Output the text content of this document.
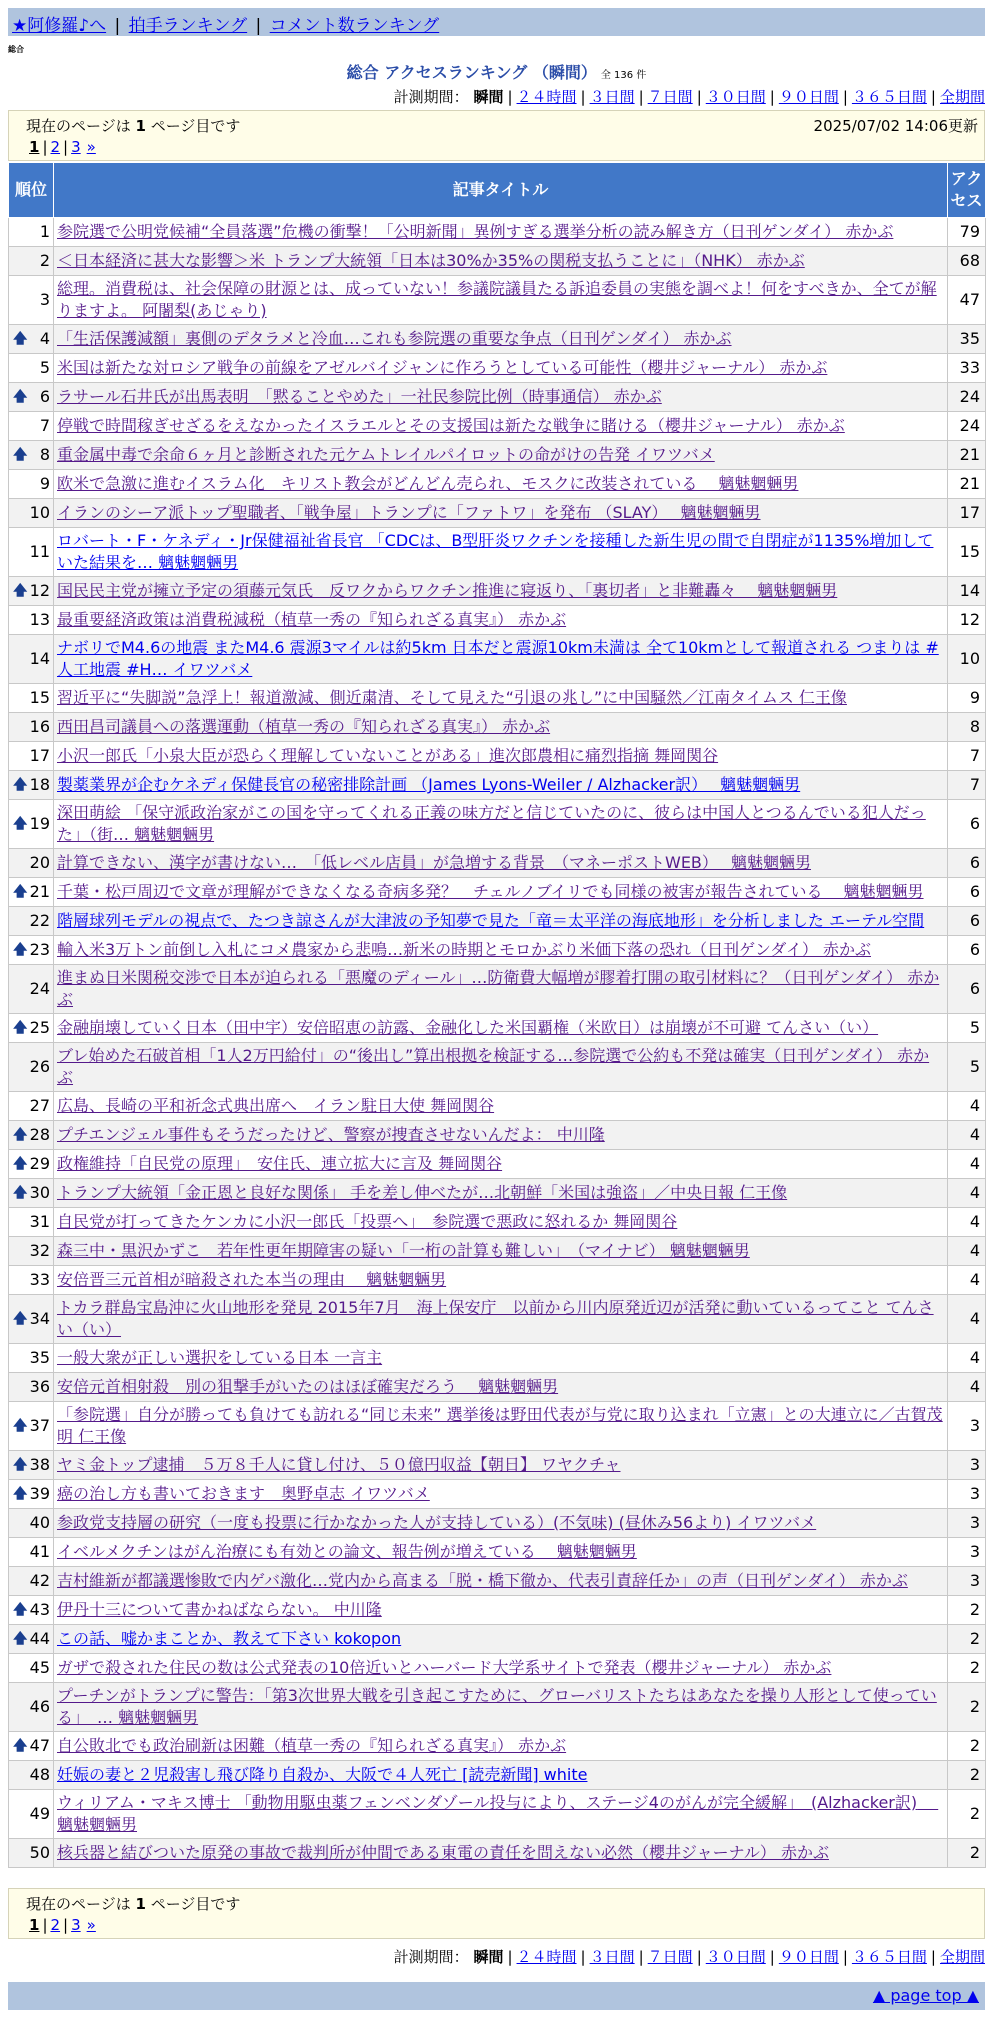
★阿修羅♪へ | 拍手ランキング | コメント数ランキング
総合
総合 アクセスランキング （瞬間） 全 136 件
計測期間： 瞬間 | ２４時間 | ３日間 | ７日間 | ３０日間 | ９０日間 | ３６５日間 | 全期間
現在のページは 1 ページ目です	2025/07/02 14:06更新
1 | 2 | 3 »
順位	記事タイトル	アクセス
1	参院選で公明党候補“全員落選”危機の衝撃！「公明新聞」異例すぎる選挙分析の読み解き方（日刊ゲンダイ） 赤かぶ	79
2	＜日本経済に甚大な影響＞米 トランプ大統領「日本は30%か35%の関税支払うことに」（NHK） 赤かぶ	68
3	総理。消費税は、社会保障の財源とは、成っていない！参議院議員たる訴追委員の実態を調べよ！何をすべきか、全てが解りますよ。 阿闍梨(あじゃり)	47

🡅 4	「生活保護減額」裏側のデタラメと冷血…これも参院選の重要な争点（日刊ゲンダイ） 赤かぶ	35
5	米国は新たな対ロシア戦争の前線をアゼルバイジャンに作ろうとしている可能性（櫻井ジャーナル） 赤かぶ	33

🡅 6	ラサール石井氏が出馬表明　「黙ることやめた」一社民参院比例（時事通信） 赤かぶ	24
7	停戦で時間稼ぎせざるをえなかったイスラエルとその支援国は新たな戦争に賭ける（櫻井ジャーナル） 赤かぶ	24

🡅 8	重金属中毒で余命６ヶ月と診断された元ケムトレイルパイロットの命がけの告発 イワツバメ	21
9	欧米で急激に進むイスラム化　キリスト教会がどんどん売られ、モスクに改装されている　 魑魅魍魎男	21
10	イランのシーア派トップ聖職者、「戦争屋」トランプに「ファトワ」を発布 （SLAY）　 魑魅魍魎男	17
11	ロバート・F・ケネディ・Jr保健福祉省長官 「CDCは、B型肝炎ワクチンを接種した新生児の間で自閉症が1135%増加していた結果を… 魑魅魍魎男	15

🡅 12	国民民主党が擁立予定の須藤元気氏　反ワクからワクチン推進に寝返り、「裏切者」と非難轟々　 魑魅魍魎男	14
13	最重要経済政策は消費税減税（植草一秀の『知られざる真実』） 赤かぶ	12
14	ナボリでM4.6の地震 またM4.6 震源3マイルは約5km 日本だと震源10km未満は 全て10kmとして報道される つまりは #人工地震 #H… イワツバメ	10
15	習近平に“失脚説”急浮上！報道激減、側近粛清、そして見えた“引退の兆し”に中国騒然／江南タイムス 仁王像	9
16	西田昌司議員への落選運動（植草一秀の『知られざる真実』） 赤かぶ	8
17	小沢一郎氏「小泉大臣が恐らく理解していないことがある」進次郎農相に痛烈指摘 舞岡関谷	7

🡅 18	製薬業界が企むケネディ保健長官の秘密排除計画 （James Lyons-Weiler / Alzhacker訳）　 魑魅魍魎男	7

🡅 19	深田萌絵 「保守派政治家がこの国を守ってくれる正義の味方だと信じていたのに、彼らは中国人とつるんでいる犯人だった」（街… 魑魅魍魎男	6
20	計算できない、漢字が書けない…　「低レベル店員」が急増する背景　（マネーポストWEB）　 魑魅魍魎男	6

🡅 21	千葉・松戸周辺で文章が理解ができなくなる奇病多発？　チェルノブイリでも同様の被害が報告されている　 魑魅魍魎男	6
22	階層球列モデルの視点で、たつき諒さんが大津波の予知夢で見た「竜＝太平洋の海底地形」を分析しました エーテル空間	6

🡅 23	輸入米3万トン前倒し入札にコメ農家から悲鳴…新米の時期とモロかぶり米価下落の恐れ（日刊ゲンダイ） 赤かぶ	6
24	進まぬ日米関税交渉で日本が迫られる「悪魔のディール」…防衛費大幅増が膠着打開の取引材料に？（日刊ゲンダイ） 赤かぶ	6

🡅 25	金融崩壊していく日本（田中宇）安倍昭恵の訪露、金融化した米国覇権（米欧日）は崩壊が不可避 てんさい（い）	5
26	ブレ始めた石破首相「1人2万円給付」の“後出し”算出根拠を検証する…参院選で公約も不発は確実（日刊ゲンダイ） 赤かぶ	5
27	広島、長崎の平和祈念式典出席へ　イラン駐日大使 舞岡関谷	4

🡅 28	プチエンジェル事件もそうだったけど、警察が捜査させないんだよ： 中川隆	4

🡅 29	政権維持「自民党の原理」　安住氏、連立拡大に言及 舞岡関谷	4

🡅 30	トランプ大統領「金正恩と良好な関係」 手を差し伸べたが…北朝鮮「米国は強盗」／中央日報 仁王像	4
31	自民党が打ってきたケンカに小沢一郎氏「投票へ」　参院選で悪政に怒れるか 舞岡関谷	4
32	森三中・黒沢かずこ　若年性更年期障害の疑い「一桁の計算も難しい」　（マイナビ） 魑魅魍魎男	4
33	安倍晋三元首相が暗殺された本当の理由　 魑魅魍魎男	4

🡅 34	トカラ群島宝島沖に火山地形を発見 2015年7月　海上保安庁　以前から川内原発近辺が活発に動いているってこと てんさい（い）	4
35	一般大衆が正しい選択をしている日本 一言主	4
36	安倍元首相射殺　別の狙撃手がいたのはほぼ確実だろう　 魑魅魍魎男	4

🡅 37	「参院選」自分が勝っても負けても訪れる“同じ未来” 選挙後は野田代表が与党に取り込まれ「立憲」との大連立に／古賀茂明 仁王像	3

🡅 38	ヤミ金トップ逮捕　５万８千人に貸し付け、５０億円収益【朝日】 ワヤクチャ	3

🡅 39	癌の治し方も書いておきます　奥野卓志 イワツバメ	3
40	参政党支持層の研究（一度も投票に行かなかった人が支持している）(不気味) (昼休み56より) イワツバメ	3
41	イベルメクチンはがん治療にも有効との論文、報告例が増えている　 魑魅魍魎男	3
42	吉村維新が都議選惨敗で内ゲバ激化…党内から高まる「脱・橋下徹か、代表引責辞任か」の声（日刊ゲンダイ） 赤かぶ	3

🡅 43	伊丹十三について書かねばならない。 中川隆	2

🡅 44	この話、嘘かまことか、教えて下さい kokopon	2
45	ガザで殺された住民の数は公式発表の10倍近いとハーバード大学系サイトで発表（櫻井ジャーナル） 赤かぶ	2
46	プーチンがトランプに警告：「第3次世界大戦を引き起こすために、グローバリストたちはあなたを操り人形として使っている」　… 魑魅魍魎男	2

🡅 47	自公敗北でも政治刷新は困難（植草一秀の『知られざる真実』） 赤かぶ	2
48	妊娠の妻と２児殺害し飛び降り自殺か、大阪で４人死亡 [読売新聞] white	2
49	ウィリアム・マキス博士 「動物用駆虫薬フェンベンダゾール投与により、ステージ4のがんが完全緩解」　(Alzhacker訳)　 魑魅魍魎男	2
50	核兵器と結びついた原発の事故で裁判所が仲間である東電の責任を問えない必然（櫻井ジャーナル） 赤かぶ	2
現在のページは 1 ページ目です
1 | 2 | 3 »
計測期間： 瞬間 | ２４時間 | ３日間 | ７日間 | ３０日間 | ９０日間 | ３６５日間 | 全期間
▲ page top ▲
